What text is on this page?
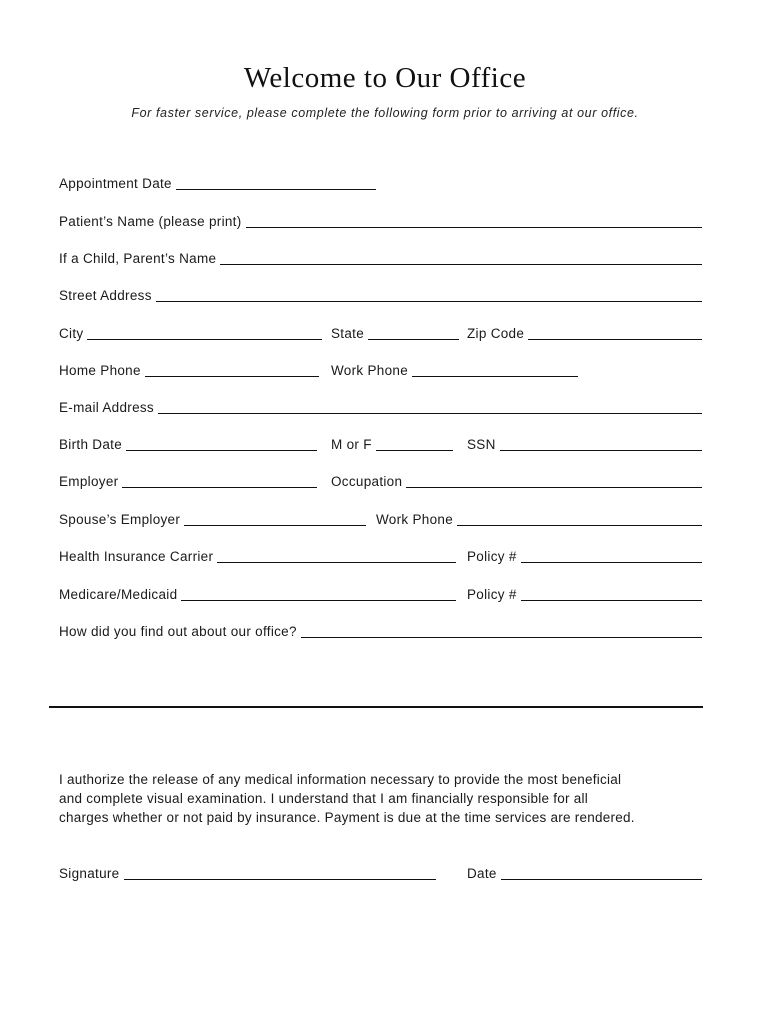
Welcome to Our Office
For faster service, please complete the following form prior to arriving at our office.
Appointment Date
Patient’s Name (please print)
If a Child, Parent’s Name
Street Address
City	State	Zip Code
Home Phone	Work Phone
E-mail Address
Birth Date	M or F	SSN
Employer	Occupation
Spouse’s Employer	Work Phone
Health Insurance Carrier	Policy #
Medicare/Medicaid	Policy #
How did you find out about our office?
I authorize the release of any medical information necessary to provide the most beneficial
and complete visual examination. I understand that I am financially responsible for all
charges whether or not paid by insurance. Payment is due at the time services are rendered.
Signature	Date
